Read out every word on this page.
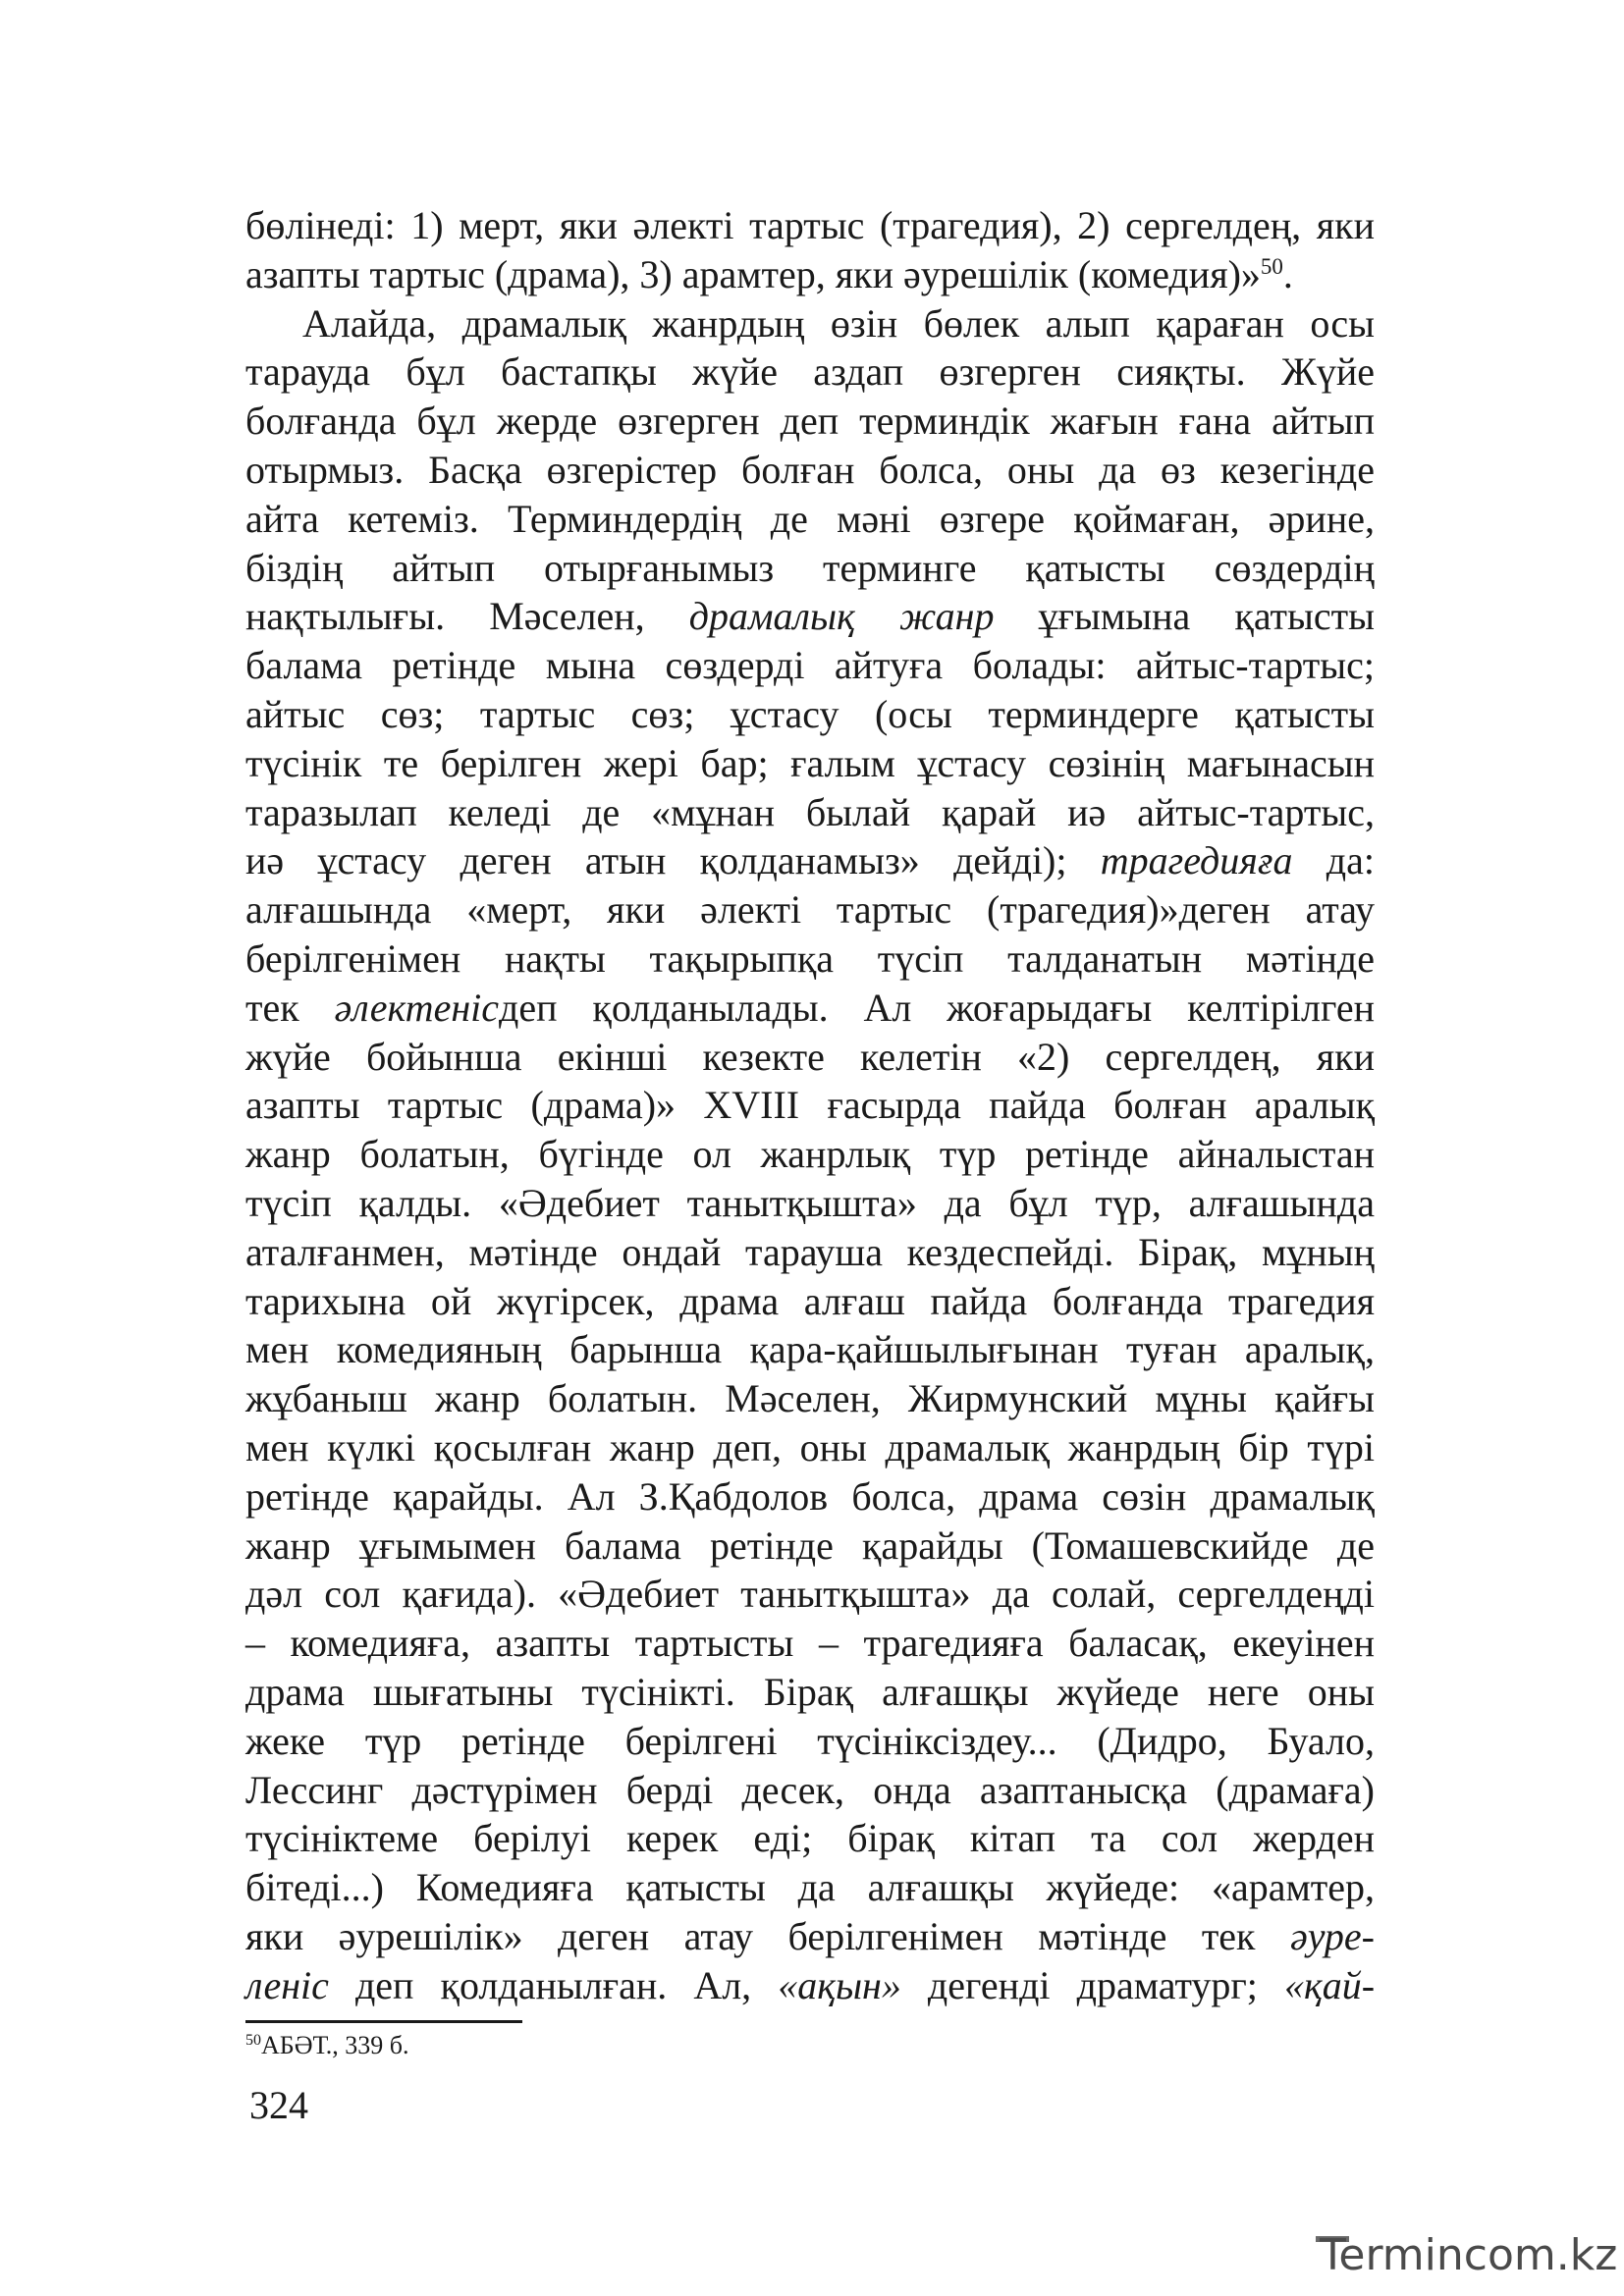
бөлінеді: 1) мерт, яки әлекті тартыс (трагедия), 2) сергелдең, яки
азапты тартыс (драма), 3) арамтер, яки әурешілік (комедия)»$^{50}$.
Алайда, драмалық жанрдың өзін бөлек алып қараған осы
тарауда бұл бастапқы жүйе аздап өзгерген сияқты. Жүйе
болғанда бұл жерде өзгерген деп терминдік жағын ғана айтып
отырмыз. Басқа өзгерістер болған болса, оны да өз кезегінде
айта кетеміз. Терминдердің де мәні өзгере қоймаған, әрине,
біздің айтып отырғанымыз терминге қатысты сөздердің
нақтылығы. Мәселен, драмалық жанр ұғымына қатысты
балама ретінде мына сөздерді айтуға болады: айтыс-тартыс;
айтыс сөз; тартыс сөз; ұстасу (осы терминдерге қатысты
түсінік те берілген жері бар; ғалым ұстасу сөзінің мағынасын
таразылап келеді де «мұнан былай қарай иә айтыс-тартыс,
иә ұстасу деген атын қолданамыз» дейді); трагедияға да:
алғашында «мерт, яки әлекті тартыс (трагедия)»деген атау
берілгенімен нақты тақырыпқа түсіп талданатын мәтінде
тек әлектенісдеп қолданылады. Ал жоғарыдағы келтірілген
жүйе бойынша екінші кезекте келетін «2) сергелдең, яки
азапты тартыс (драма)» XVIII ғасырда пайда болған аралық
жанр болатын, бүгінде ол жанрлық түр ретінде айналыстан
түсіп қалды. «Әдебиет танытқышта» да бұл түр, алғашында
аталғанмен, мәтінде ондай тарауша кездеспейді. Бірақ, мұның
тарихына ой жүгірсек, драма алғаш пайда болғанда трагедия
мен комедияның барынша қара-қайшылығынан туған аралық,
жұбаныш жанр болатын. Мәселен, Жирмунский мұны қайғы
мен күлкі қосылған жанр деп, оны драмалық жанрдың бір түрі
ретінде қарайды. Ал З.Қабдолов болса, драма сөзін драмалық
жанр ұғымымен балама ретінде қарайды (Томашевскийде де
дәл сол қағида). «Әдебиет танытқышта» да солай, сергелдеңді
– комедияға, азапты тартысты – трагедияға баласақ, екеуінен
драма шығатыны түсінікті. Бірақ алғашқы жүйеде неге оны
жеке түр ретінде берілгені түсініксіздеу... (Дидро, Буало,
Лессинг дәстүрімен берді десек, онда азаптанысқа (драмаға)
түсініктеме берілуі керек еді; бірақ кітап та сол жерден
бітеді...) Комедияға қатысты да алғашқы жүйеде: «арамтер,
яки әурешілік» деген атау берілгенімен мәтінде тек әуре-
леніс деп қолданылған. Ал, «ақын» дегенді драматург; «қай-
$^{50}$АБӘТ., 339 б.
324
Termincom.kz
